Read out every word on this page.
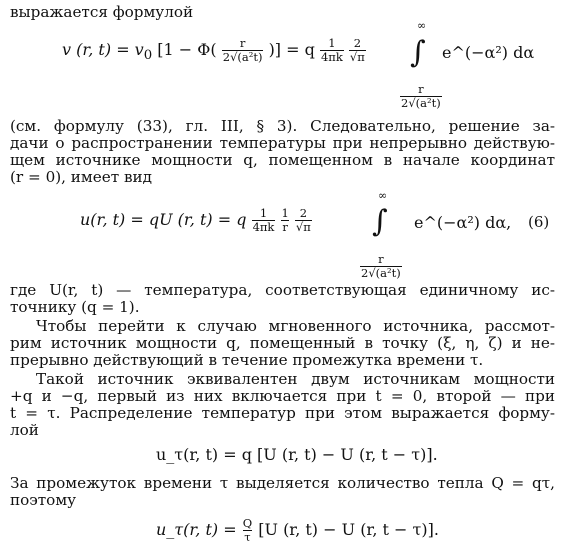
выражается формулой
v (r, $t) = v_0$ [$1 - \Phi( \frac{r}{\text{2√(a²t)}}$ )] = q $\frac{1}{4\pi k}$
$\frac{2}{√\pi}$
∞
∫
$\frac{r}{\text{2√(a²t)}}$
e^(−α²) dα
(см. формулу (33), гл. III, § 3). Следовательно, решение за-
дачи о распространении температуры при непрерывно действую-
щем источнике мощности q, помещенном в начале координат
(r = 0), имеет вид
u(r, t) = qU (r, t) = q $\frac{1}{4\pi k}$
$\frac{1}{r}$
$\frac{2}{√\pi}$
∞
∫
$\frac{r}{\text{2√(a²t)}}$
e^(−α²) dα, (6)
где U(r, t) — температура, соответствующая единичному ис-
точнику (q = 1).
Чтобы перейти к случаю мгновенного источника, рассмот-
рим источник мощности q, помещенный в точку (ξ, η, ζ) и не-
прерывно действующий в течение промежутка времени τ.
Такой источник эквивалентен двум источникам мощности
+q и −q, первый из них включается при t = 0, второй — при
t = τ. Распределение температур при этом выражается форму-
лой
u_τ(r, t) = q [U (r, t) − U (r, t − τ)].
За промежуток времени τ выделяется количество тепла Q = qτ,
поэтому
u_τ(r, $t) = \frac{Q}{\tau} [U$ (r, t) − U (r, t − τ)].
